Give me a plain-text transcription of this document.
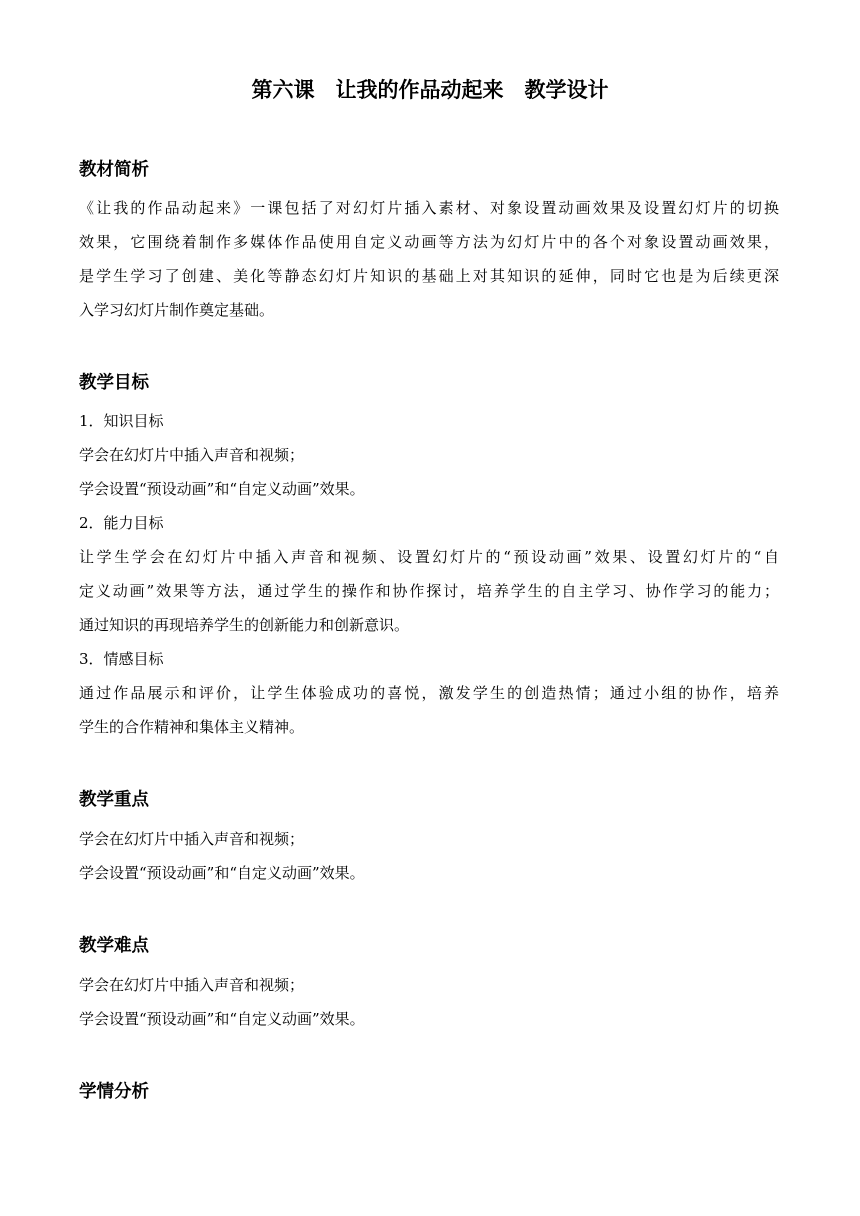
第六课　让我的作品动起来　教学设计
教材简析
《让我的作品动起来》一课包括了对幻灯片插入素材、对象设置动画效果及设置幻灯片的切换
效果，它围绕着制作多媒体作品使用自定义动画等方法为幻灯片中的各个对象设置动画效果，
是学生学习了创建、美化等静态幻灯片知识的基础上对其知识的延伸，同时它也是为后续更深
入学习幻灯片制作奠定基础。
教学目标
1．知识目标
学会在幻灯片中插入声音和视频；
学会设置“预设动画”和“自定义动画”效果。
2．能力目标
让学生学会在幻灯片中插入声音和视频、设置幻灯片的“预设动画”效果、设置幻灯片的“自
定义动画”效果等方法，通过学生的操作和协作探讨，培养学生的自主学习、协作学习的能力；
通过知识的再现培养学生的创新能力和创新意识。
3．情感目标
通过作品展示和评价，让学生体验成功的喜悦，激发学生的创造热情；通过小组的协作，培养
学生的合作精神和集体主义精神。
教学重点
学会在幻灯片中插入声音和视频；
学会设置“预设动画”和“自定义动画”效果。
教学难点
学会在幻灯片中插入声音和视频；
学会设置“预设动画”和“自定义动画”效果。
学情分析
